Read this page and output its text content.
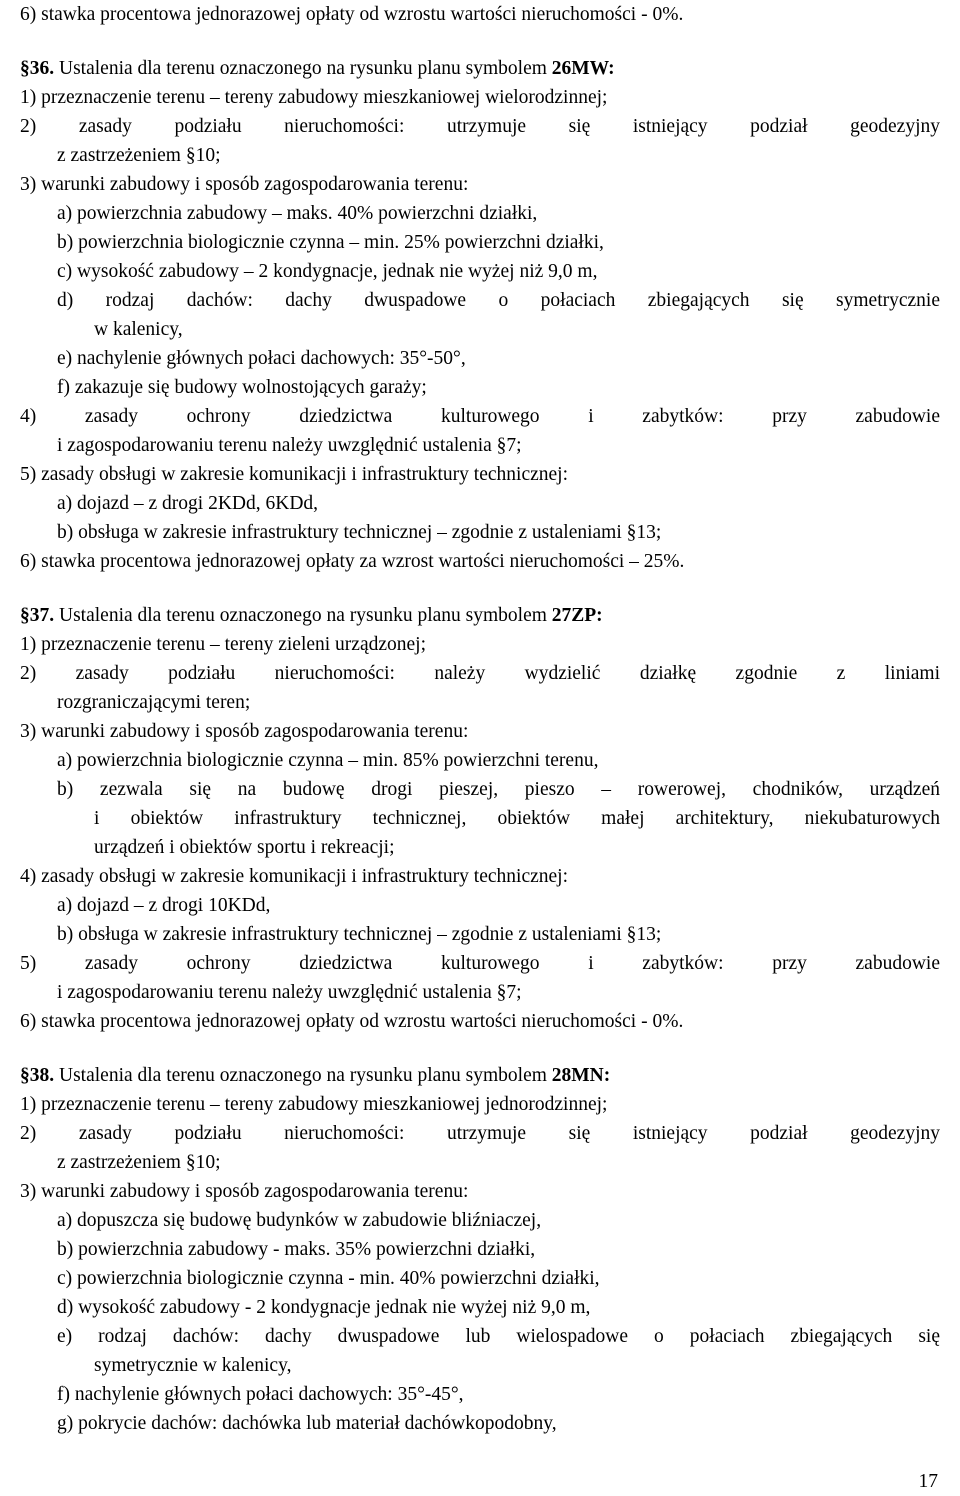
6) stawka procentowa jednorazowej opłaty od wzrostu wartości nieruchomości - 0%.
§36. Ustalenia dla terenu oznaczonego na rysunku planu symbolem 26MW:
1) przeznaczenie terenu – tereny zabudowy mieszkaniowej wielorodzinnej;
2) zasady podziału nieruchomości: utrzymuje się istniejący podział geodezyjny
z zastrzeżeniem §10;
3) warunki zabudowy i sposób zagospodarowania terenu:
a) powierzchnia zabudowy – maks. 40% powierzchni działki,
b) powierzchnia biologicznie czynna – min. 25% powierzchni działki,
c) wysokość zabudowy – 2 kondygnacje, jednak nie wyżej niż 9,0 m,
d) rodzaj dachów: dachy dwuspadowe o połaciach zbiegających się symetrycznie
w kalenicy,
e) nachylenie głównych połaci dachowych: 35°-50°,
f) zakazuje się budowy wolnostojących garaży;
4) zasady ochrony dziedzictwa kulturowego i zabytków: przy zabudowie
i zagospodarowaniu terenu należy uwzględnić ustalenia §7;
5) zasady obsługi w zakresie komunikacji i infrastruktury technicznej:
a) dojazd – z drogi 2KDd, 6KDd,
b) obsługa w zakresie infrastruktury technicznej – zgodnie z ustaleniami §13;
6) stawka procentowa jednorazowej opłaty za wzrost wartości nieruchomości – 25%.
§37. Ustalenia dla terenu oznaczonego na rysunku planu symbolem 27ZP:
1) przeznaczenie terenu – tereny zieleni urządzonej;
2) zasady podziału nieruchomości: należy wydzielić działkę zgodnie z liniami
rozgraniczającymi teren;
3) warunki zabudowy i sposób zagospodarowania terenu:
a) powierzchnia biologicznie czynna – min. 85% powierzchni terenu,
b) zezwala się na budowę drogi pieszej, pieszo – rowerowej, chodników, urządzeń
i obiektów infrastruktury technicznej, obiektów małej architektury, niekubaturowych
urządzeń i obiektów sportu i rekreacji;
4) zasady obsługi w zakresie komunikacji i infrastruktury technicznej:
a) dojazd – z drogi 10KDd,
b) obsługa w zakresie infrastruktury technicznej – zgodnie z ustaleniami §13;
5) zasady ochrony dziedzictwa kulturowego i zabytków: przy zabudowie
i zagospodarowaniu terenu należy uwzględnić ustalenia §7;
6) stawka procentowa jednorazowej opłaty od wzrostu wartości nieruchomości - 0%.
§38. Ustalenia dla terenu oznaczonego na rysunku planu symbolem 28MN:
1) przeznaczenie terenu – tereny zabudowy mieszkaniowej jednorodzinnej;
2) zasady podziału nieruchomości: utrzymuje się istniejący podział geodezyjny
z zastrzeżeniem §10;
3) warunki zabudowy i sposób zagospodarowania terenu:
a) dopuszcza się budowę budynków w zabudowie bliźniaczej,
b) powierzchnia zabudowy - maks. 35% powierzchni działki,
c) powierzchnia biologicznie czynna - min. 40% powierzchni działki,
d) wysokość zabudowy - 2 kondygnacje jednak nie wyżej niż 9,0 m,
e) rodzaj dachów: dachy dwuspadowe lub wielospadowe o połaciach zbiegających się
symetrycznie w kalenicy,
f) nachylenie głównych połaci dachowych: 35°-45°,
g) pokrycie dachów: dachówka lub materiał dachówkopodobny,
17
